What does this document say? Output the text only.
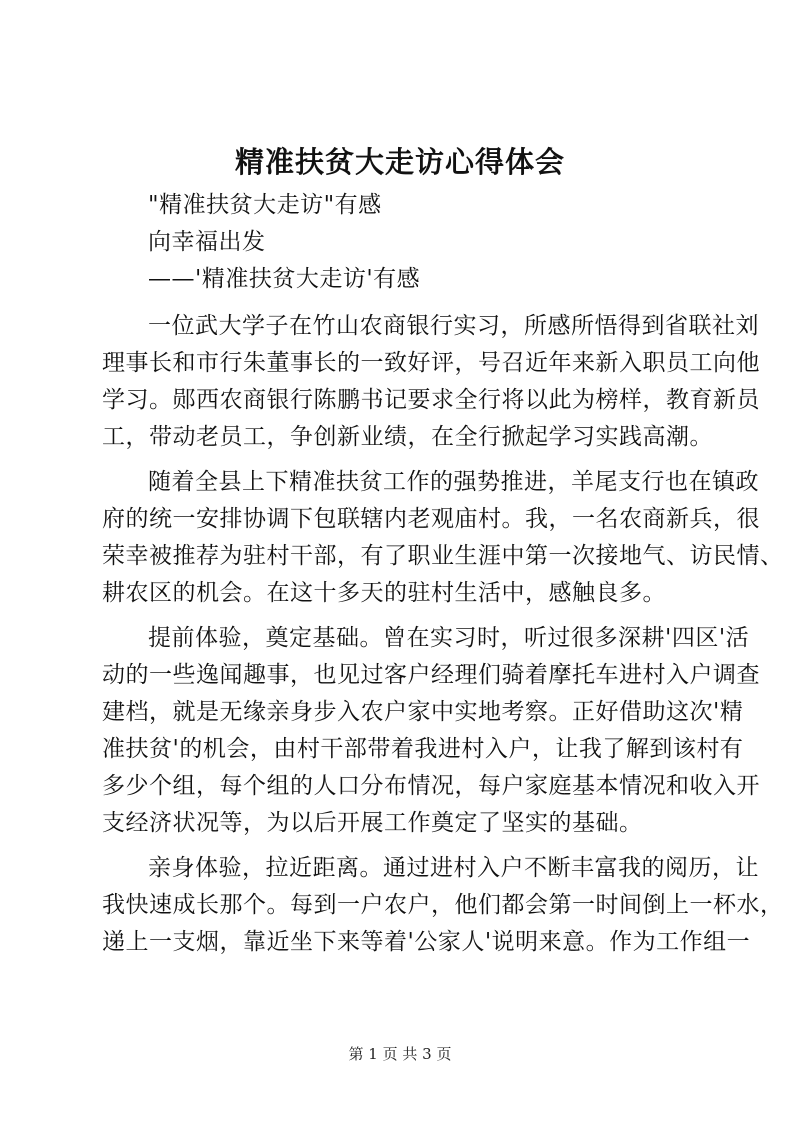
精准扶贫大走访心得体会
"精准扶贫大走访"有感
向幸福出发
——'精准扶贫大走访'有感
一位武大学子在竹山农商银行实习，所感所悟得到省联社刘
理事长和市行朱董事长的一致好评，号召近年来新入职员工向他
学习。郧西农商银行陈鹏书记要求全行将以此为榜样，教育新员
工，带动老员工，争创新业绩，在全行掀起学习实践高潮。
随着全县上下精准扶贫工作的强势推进，羊尾支行也在镇政
府的统一安排协调下包联辖内老观庙村。我，一名农商新兵，很
荣幸被推荐为驻村干部，有了职业生涯中第一次接地气、访民情、
耕农区的机会。在这十多天的驻村生活中，感触良多。
提前体验，奠定基础。曾在实习时，听过很多深耕'四区'活
动的一些逸闻趣事，也见过客户经理们骑着摩托车进村入户调查
建档，就是无缘亲身步入农户家中实地考察。正好借助这次'精
准扶贫'的机会，由村干部带着我进村入户，让我了解到该村有
多少个组，每个组的人口分布情况，每户家庭基本情况和收入开
支经济状况等，为以后开展工作奠定了坚实的基础。
亲身体验，拉近距离。通过进村入户不断丰富我的阅历，让
我快速成长那个。每到一户农户，他们都会第一时间倒上一杯水，
递上一支烟，靠近坐下来等着'公家人'说明来意。作为工作组一
第 1 页 共 3 页
